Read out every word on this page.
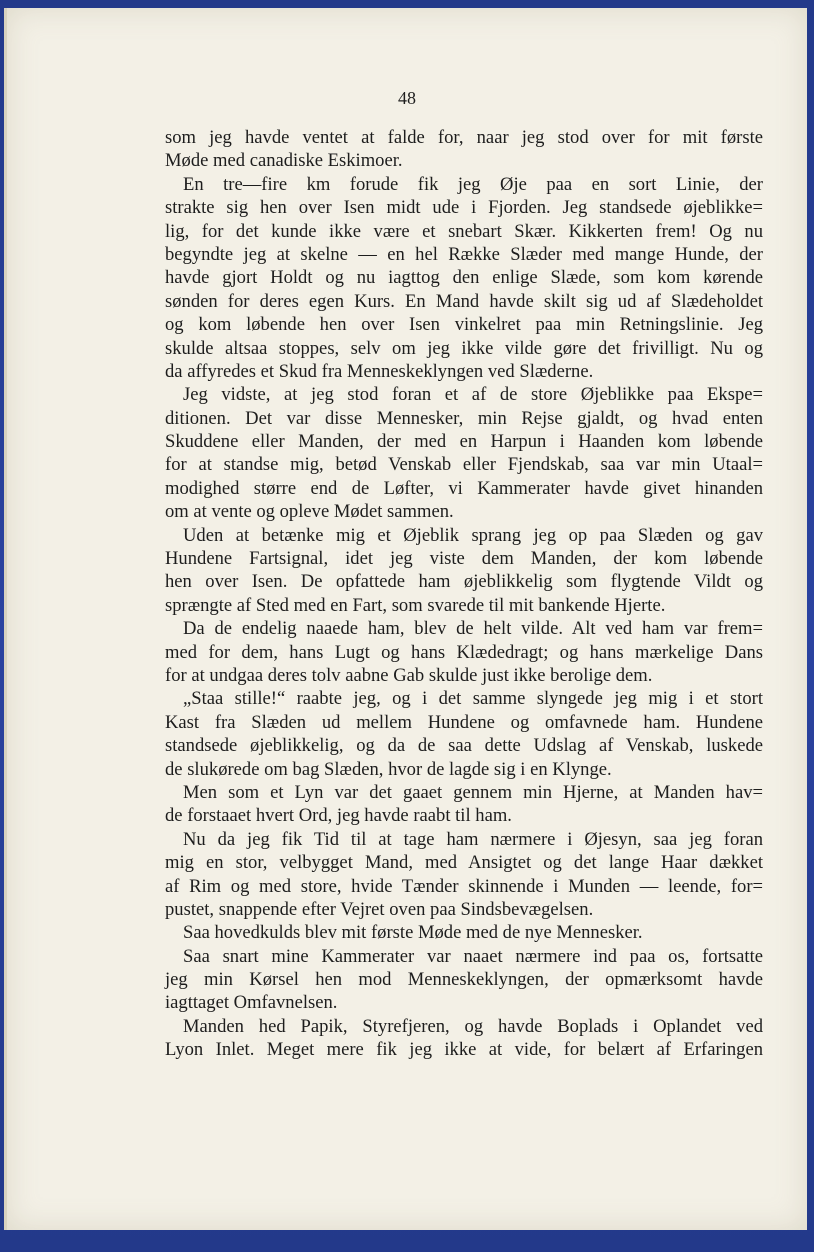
48
som jeg havde ventet at falde for, naar jeg stod over for mit første
Møde med canadiske Eskimoer.
En tre—fire km forude fik jeg Øje paa en sort Linie, der
strakte sig hen over Isen midt ude i Fjorden. Jeg standsede øjeblikke=
lig, for det kunde ikke være et snebart Skær. Kikkerten frem! Og nu
begyndte jeg at skelne — en hel Række Slæder med mange Hunde, der
havde gjort Holdt og nu iagttog den enlige Slæde, som kom kørende
sønden for deres egen Kurs. En Mand havde skilt sig ud af Slædeholdet
og kom løbende hen over Isen vinkelret paa min Retningslinie. Jeg
skulde altsaa stoppes, selv om jeg ikke vilde gøre det frivilligt. Nu og
da affyredes et Skud fra Menneskeklyngen ved Slæderne.
Jeg vidste, at jeg stod foran et af de store Øjeblikke paa Ekspe=
ditionen. Det var disse Mennesker, min Rejse gjaldt, og hvad enten
Skuddene eller Manden, der med en Harpun i Haanden kom løbende
for at standse mig, betød Venskab eller Fjendskab, saa var min Utaal=
modighed større end de Løfter, vi Kammerater havde givet hinanden
om at vente og opleve Mødet sammen.
Uden at betænke mig et Øjeblik sprang jeg op paa Slæden og gav
Hundene Fartsignal, idet jeg viste dem Manden, der kom løbende
hen over Isen. De opfattede ham øjeblikkelig som flygtende Vildt og
sprængte af Sted med en Fart, som svarede til mit bankende Hjerte.
Da de endelig naaede ham, blev de helt vilde. Alt ved ham var frem=
med for dem, hans Lugt og hans Klædedragt; og hans mærkelige Dans
for at undgaa deres tolv aabne Gab skulde just ikke berolige dem.
„Staa stille!“ raabte jeg, og i det samme slyngede jeg mig i et stort
Kast fra Slæden ud mellem Hundene og omfavnede ham. Hundene
standsede øjeblikkelig, og da de saa dette Udslag af Venskab, luskede
de slukørede om bag Slæden, hvor de lagde sig i en Klynge.
Men som et Lyn var det gaaet gennem min Hjerne, at Manden hav=
de forstaaet hvert Ord, jeg havde raabt til ham.
Nu da jeg fik Tid til at tage ham nærmere i Øjesyn, saa jeg foran
mig en stor, velbygget Mand, med Ansigtet og det lange Haar dækket
af Rim og med store, hvide Tænder skinnende i Munden — leende, for=
pustet, snappende efter Vejret oven paa Sindsbevægelsen.
Saa hovedkulds blev mit første Møde med de nye Mennesker.
Saa snart mine Kammerater var naaet nærmere ind paa os, fortsatte
jeg min Kørsel hen mod Menneskeklyngen, der opmærksomt havde
iagttaget Omfavnelsen.
Manden hed Papik, Styrefjeren, og havde Boplads i Oplandet ved
Lyon Inlet. Meget mere fik jeg ikke at vide, for belært af Erfaringen
